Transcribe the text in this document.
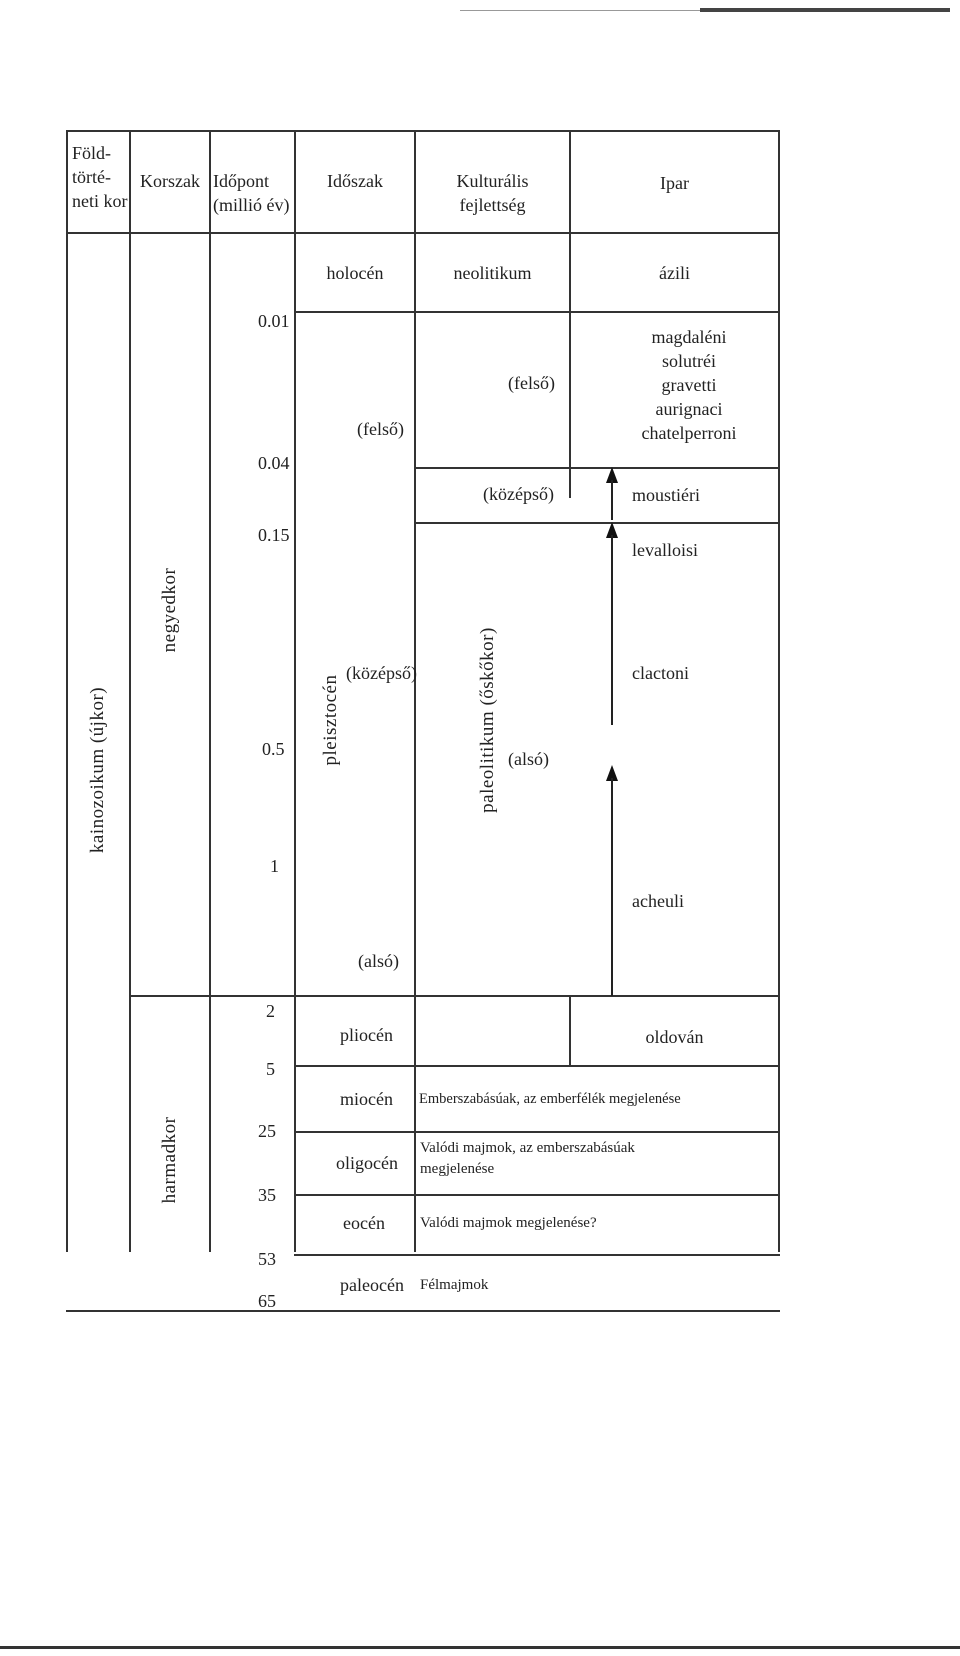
Föld-
törté-
neti kor
Korszak Időpont
(millió év)
Időszak	Kulturális
fejlettség
Ipar
kainozoikum (újkor)
negyedkor
harmadkor
0.01
0.04
0.15
0.5
1
2
5
25
35
53
65
holocén
pleisztocén
(felső)
(középső)
(alsó)
pliocén
miocén
oligocén
eocén
paleocén
neolitikum
paleolitikum (őskőkor)
(felső)
(középső)
(alsó)
Emberszabásúak, az emberfélék megjelenése
Valódi majmok, az emberszabásúak
megjelenése
Valódi majmok megjelenése?
Félmajmok
ázili
magdaléni
solutréi
gravetti
aurignaci
chatelperroni
moustiéri
levalloisi
clactoni
acheuli
oldován
